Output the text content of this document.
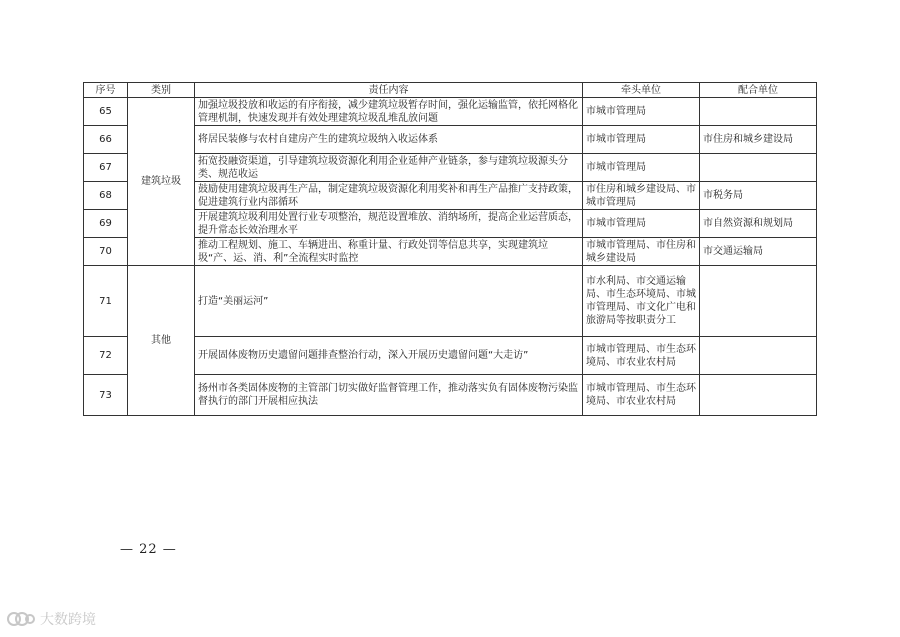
序号	类别	责任内容	牵头单位	配合单位
65	建筑垃圾	加强垃圾投放和收运的有序衔接，减少建筑垃圾暂存时间，强化运输监管，依托网格化管理机制，快速发现并有效处理建筑垃圾乱堆乱放问题	市城市管理局	
66		将居民装修与农村自建房产生的建筑垃圾纳入收运体系	市城市管理局	市住房和城乡建设局
67		拓宽投融资渠道，引导建筑垃圾资源化利用企业延伸产业链条，参与建筑垃圾源头分类、规范收运	市城市管理局	
68		鼓励使用建筑垃圾再生产品，制定建筑垃圾资源化利用奖补和再生产品推广支持政策，促进建筑行业内部循环	市住房和城乡建设局、市城市管理局	市税务局
69		开展建筑垃圾利用处置行业专项整治，规范设置堆放、消纳场所，提高企业运营质态，提升常态长效治理水平	市城市管理局	市自然资源和规划局
70		推动工程规划、施工、车辆进出、称重计量、行政处罚等信息共享，实现建筑垃圾“产、运、消、利”全流程实时监控	市城市管理局、市住房和城乡建设局	市交通运输局
71	其他	打造“美丽运河”	市水利局、市交通运输局、市生态环境局、市城市管理局、市文化广电和旅游局等按职责分工	
72		开展固体废物历史遗留问题排查整治行动，深入开展历史遗留问题“大走访”	市城市管理局、市生态环境局、市农业农村局	
73		扬州市各类固体废物的主管部门切实做好监督管理工作，推动落实负有固体废物污染监督执行的部门开展相应执法	市城市管理局、市生态环境局、市农业农村局	
— 22 —
大数跨境
